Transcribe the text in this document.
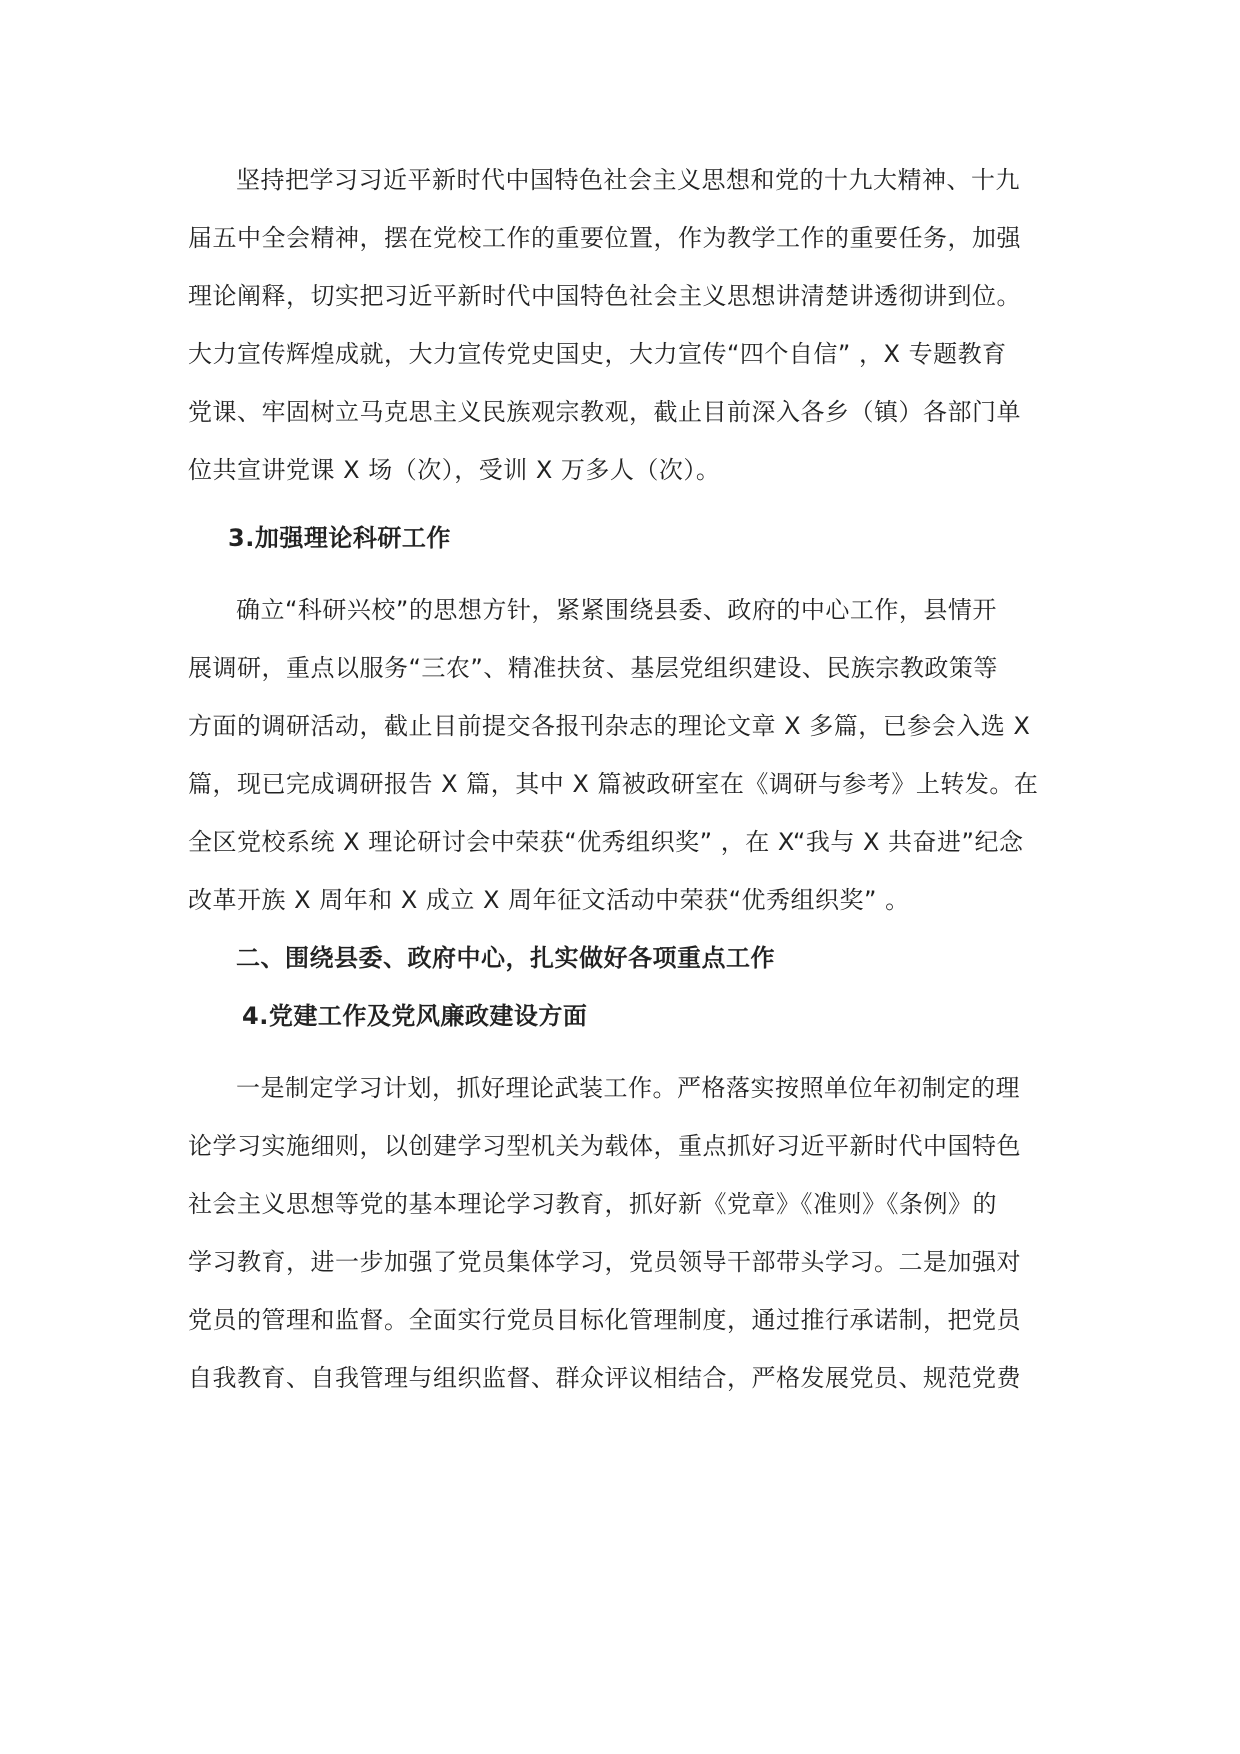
坚持把学习习近平新时代中国特色社会主义思想和党的十九大精神、十九
届五中全会精神，摆在党校工作的重要位置，作为教学工作的重要任务，加强
理论阐释，切实把习近平新时代中国特色社会主义思想讲清楚讲透彻讲到位。
大力宣传辉煌成就，大力宣传党史国史，大力宣传“四个自信” ，X 专题教育
党课、牢固树立马克思主义民族观宗教观，截止目前深入各乡（镇）各部门单
位共宣讲党课 X 场（次），受训 X 万多人（次）。
3.加强理论科研工作
确立“科研兴校”的思想方针，紧紧围绕县委、政府的中心工作，县情开
展调研，重点以服务“三农”、精准扶贫、基层党组织建设、民族宗教政策等
方面的调研活动，截止目前提交各报刊杂志的理论文章 X 多篇，已参会入选 X
篇，现已完成调研报告 X 篇，其中 X 篇被政研室在《调研与参考》上转发。在
全区党校系统 X 理论研讨会中荣获“优秀组织奖” ，在 X“我与 X 共奋进”纪念
改革开族 X 周年和 X 成立 X 周年征文活动中荣获“优秀组织奖” 。
二、围绕县委、政府中心，扎实做好各项重点工作
4.党建工作及党风廉政建设方面
一是制定学习计划，抓好理论武装工作。严格落实按照单位年初制定的理
论学习实施细则，以创建学习型机关为载体，重点抓好习近平新时代中国特色
社会主义思想等党的基本理论学习教育，抓好新《党章》《准则》《条例》的
学习教育，进一步加强了党员集体学习，党员领导干部带头学习。二是加强对
党员的管理和监督。全面实行党员目标化管理制度，通过推行承诺制，把党员
自我教育、自我管理与组织监督、群众评议相结合，严格发展党员、规范党费
